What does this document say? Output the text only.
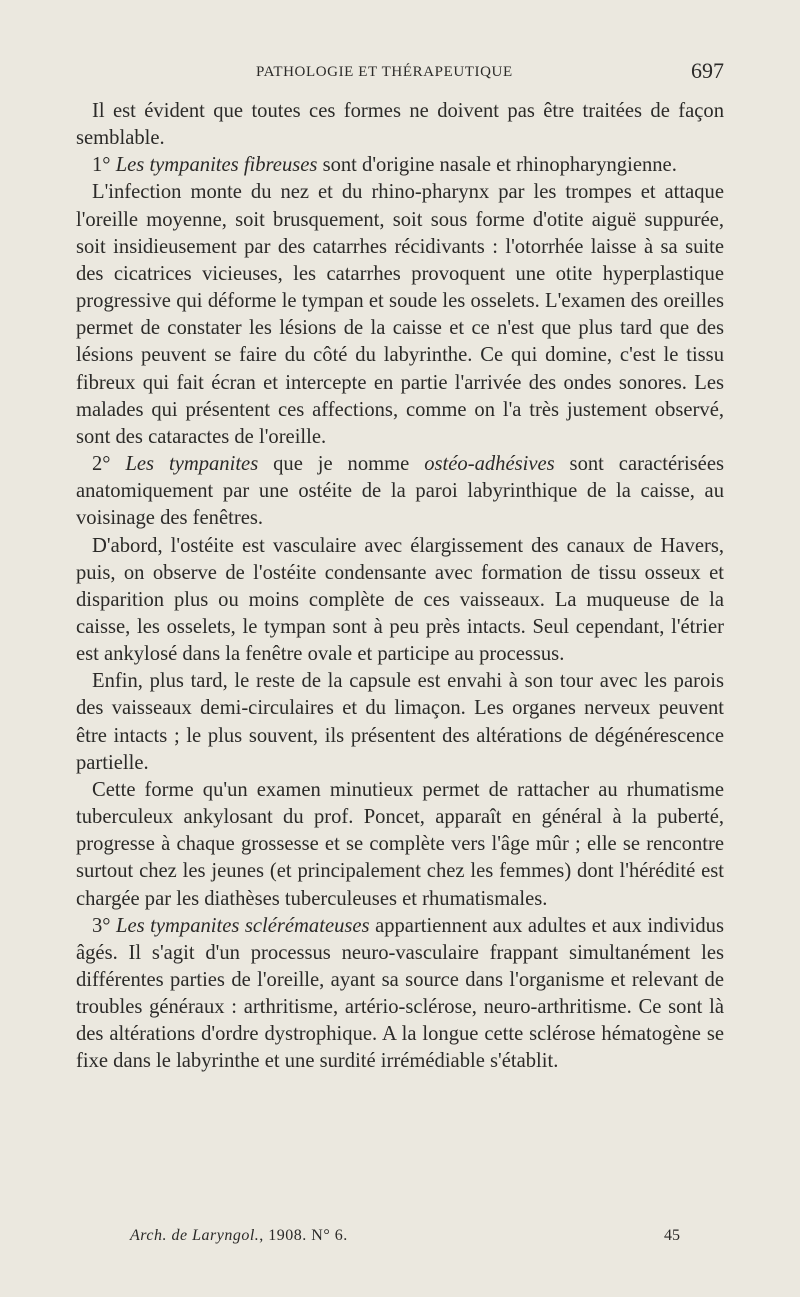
PATHOLOGIE ET THÉRAPEUTIQUE	697

Il est évident que toutes ces formes ne doivent pas être traitées de façon semblable.

1° Les tympanites fibreuses sont d'origine nasale et rhinopharyngienne.

L'infection monte du nez et du rhino-pharynx par les trompes et attaque l'oreille moyenne, soit brusquement, soit sous forme d'otite aiguë suppurée, soit insidieusement par des catarrhes récidivants : l'otorrhée laisse à sa suite des cicatrices vicieuses, les catarrhes provoquent une otite hyperplastique progressive qui déforme le tympan et soude les osselets. L'examen des oreilles permet de constater les lésions de la caisse et ce n'est que plus tard que des lésions peuvent se faire du côté du labyrinthe. Ce qui domine, c'est le tissu fibreux qui fait écran et intercepte en partie l'arrivée des ondes sonores. Les malades qui présentent ces affections, comme on l'a très justement observé, sont des cataractes de l'oreille.

2° Les tympanites que je nomme ostéo-adhésives sont caractérisées anatomiquement par une ostéite de la paroi labyrinthique de la caisse, au voisinage des fenêtres.

D'abord, l'ostéite est vasculaire avec élargissement des canaux de Havers, puis, on observe de l'ostéite condensante avec formation de tissu osseux et disparition plus ou moins complète de ces vaisseaux. La muqueuse de la caisse, les osselets, le tympan sont à peu près intacts. Seul cependant, l'étrier est ankylosé dans la fenêtre ovale et participe au processus.

Enfin, plus tard, le reste de la capsule est envahi à son tour avec les parois des vaisseaux demi-circulaires et du limaçon. Les organes nerveux peuvent être intacts ; le plus souvent, ils présentent des altérations de dégénérescence partielle.

Cette forme qu'un examen minutieux permet de rattacher au rhumatisme tuberculeux ankylosant du prof. Poncet, apparaît en général à la puberté, progresse à chaque grossesse et se complète vers l'âge mûr ; elle se rencontre surtout chez les jeunes (et principalement chez les femmes) dont l'hérédité est chargée par les diathèses tuberculeuses et rhumatismales.

3° Les tympanites sclérémateuses appartiennent aux adultes et aux individus âgés. Il s'agit d'un processus neuro-vasculaire frappant simultanément les différentes parties de l'oreille, ayant sa source dans l'organisme et relevant de troubles généraux : arthritisme, artério-sclérose, neuro-arthritisme. Ce sont là des altérations d'ordre dystrophique. A la longue cette sclérose hématogène se fixe dans le labyrinthe et une surdité irrémédiable s'établit.

Arch. de Laryngol., 1908. N° 6.	45
